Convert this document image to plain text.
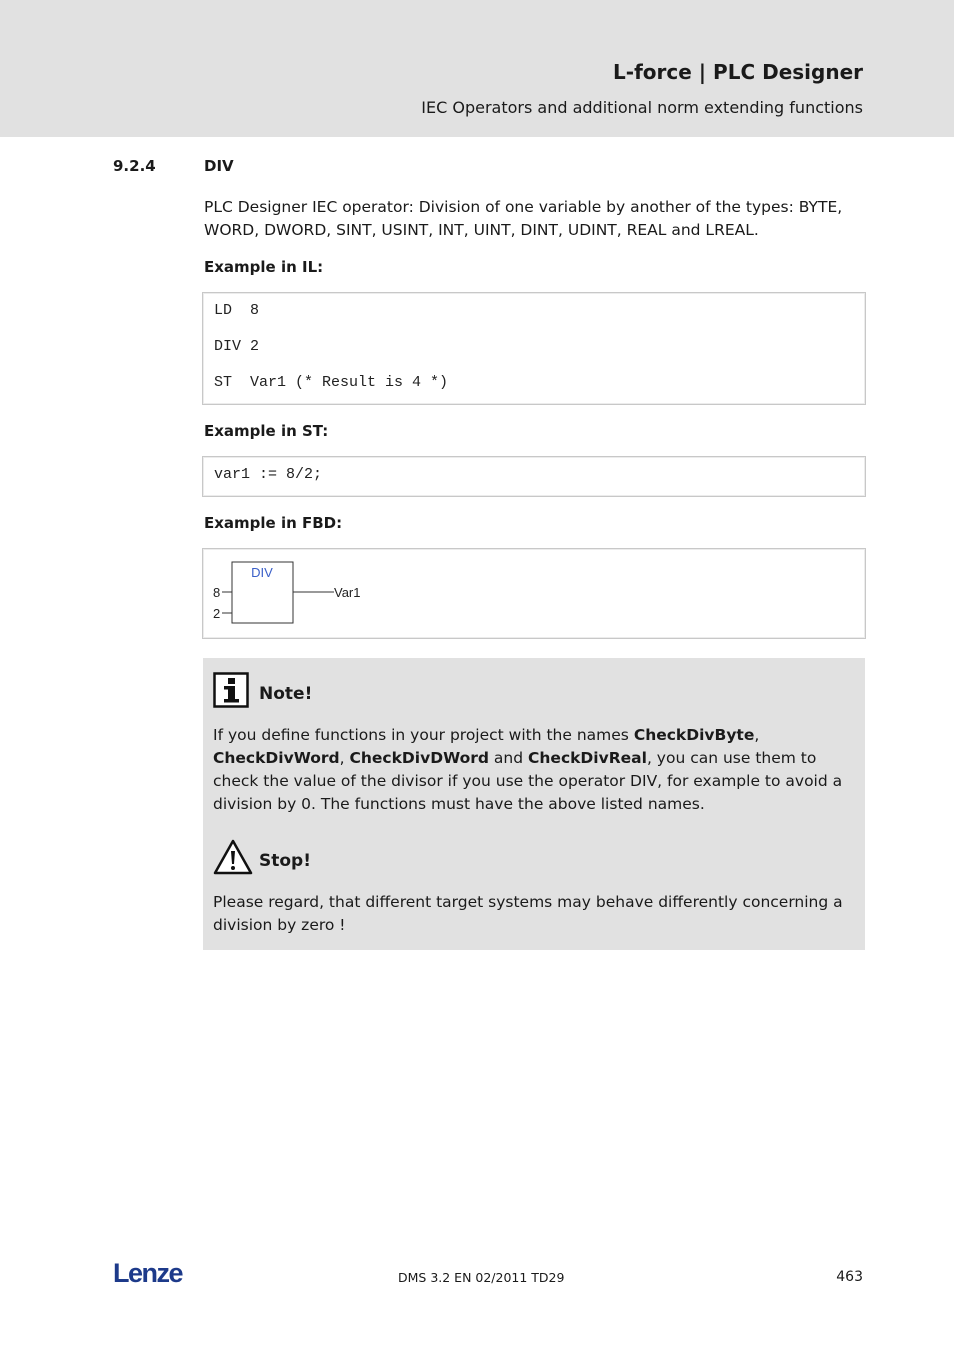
L-force | PLC Designer
IEC Operators and additional norm extending functions
9.2.4	DIV
PLC Designer IEC operator: Division of one variable by another of the types: BYTE, WORD, DWORD, SINT, USINT, INT, UINT, DINT, UDINT, REAL and LREAL.
Example in IL:
LD  8
DIV 2
ST  Var1 (* Result is 4 *)
Example in ST:
var1 := 8/2;
Example in FBD:
DIV
8
2
Var1
Note!
If you define functions in your project with the names CheckDivByte,
CheckDivWord, CheckDivDWord and CheckDivReal, you can use them to check the value of the divisor if you use the operator DIV, for example to avoid a division by 0. The functions must have the above listed names.
Stop!
Please regard, that different target systems may behave differently concerning a division by zero !
Lenze	DMS 3.2 EN 02/2011 TD29	463
